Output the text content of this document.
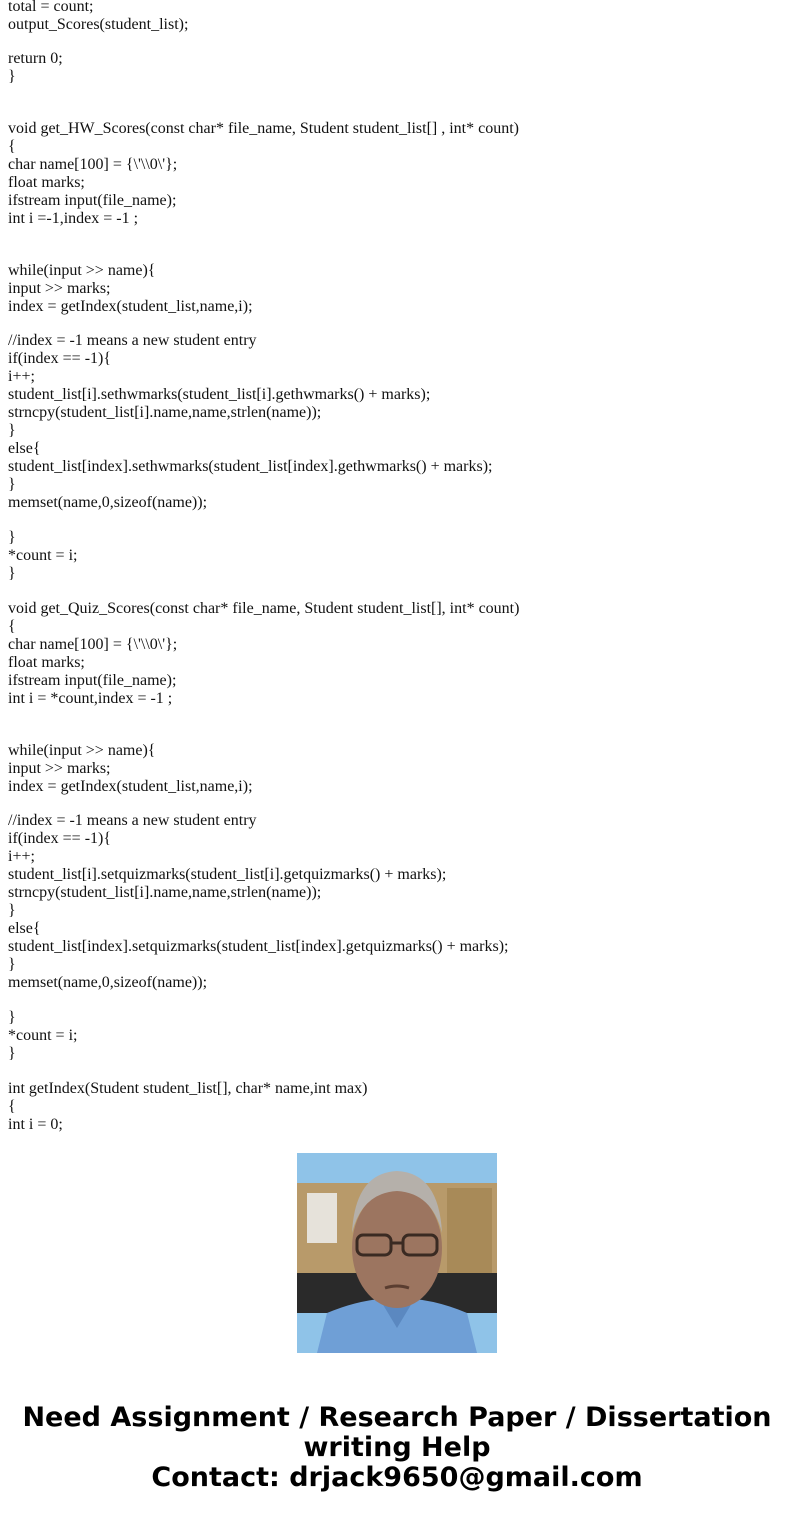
total = count;
output_Scores(student_list);
return 0;
}
void get_HW_Scores(const char* file_name, Student student_list[] , int* count)
{
char name[100] = {\'\\0\'};
float marks;
ifstream input(file_name);
int i =-1,index = -1 ;
while(input >> name){
input >> marks;
index = getIndex(student_list,name,i);
//index = -1 means a new student entry
if(index == -1){
i++;
student_list[i].sethwmarks(student_list[i].gethwmarks() + marks);
strncpy(student_list[i].name,name,strlen(name));
}
else{
student_list[index].sethwmarks(student_list[index].gethwmarks() + marks);
}
memset(name,0,sizeof(name));
}
*count = i;
}
void get_Quiz_Scores(const char* file_name, Student student_list[], int* count)
{
char name[100] = {\'\\0\'};
float marks;
ifstream input(file_name);
int i = *count,index = -1 ;
while(input >> name){
input >> marks;
index = getIndex(student_list,name,i);
//index = -1 means a new student entry
if(index == -1){
i++;
student_list[i].setquizmarks(student_list[i].getquizmarks() + marks);
strncpy(student_list[i].name,name,strlen(name));
}
else{
student_list[index].setquizmarks(student_list[index].getquizmarks() + marks);
}
memset(name,0,sizeof(name));
}
*count = i;
}
int getIndex(Student student_list[], char* name,int max)
{
int i = 0;
Need Assignment / Research Paper / Dissertation
writing Help
Contact: drjack9650@gmail.com
